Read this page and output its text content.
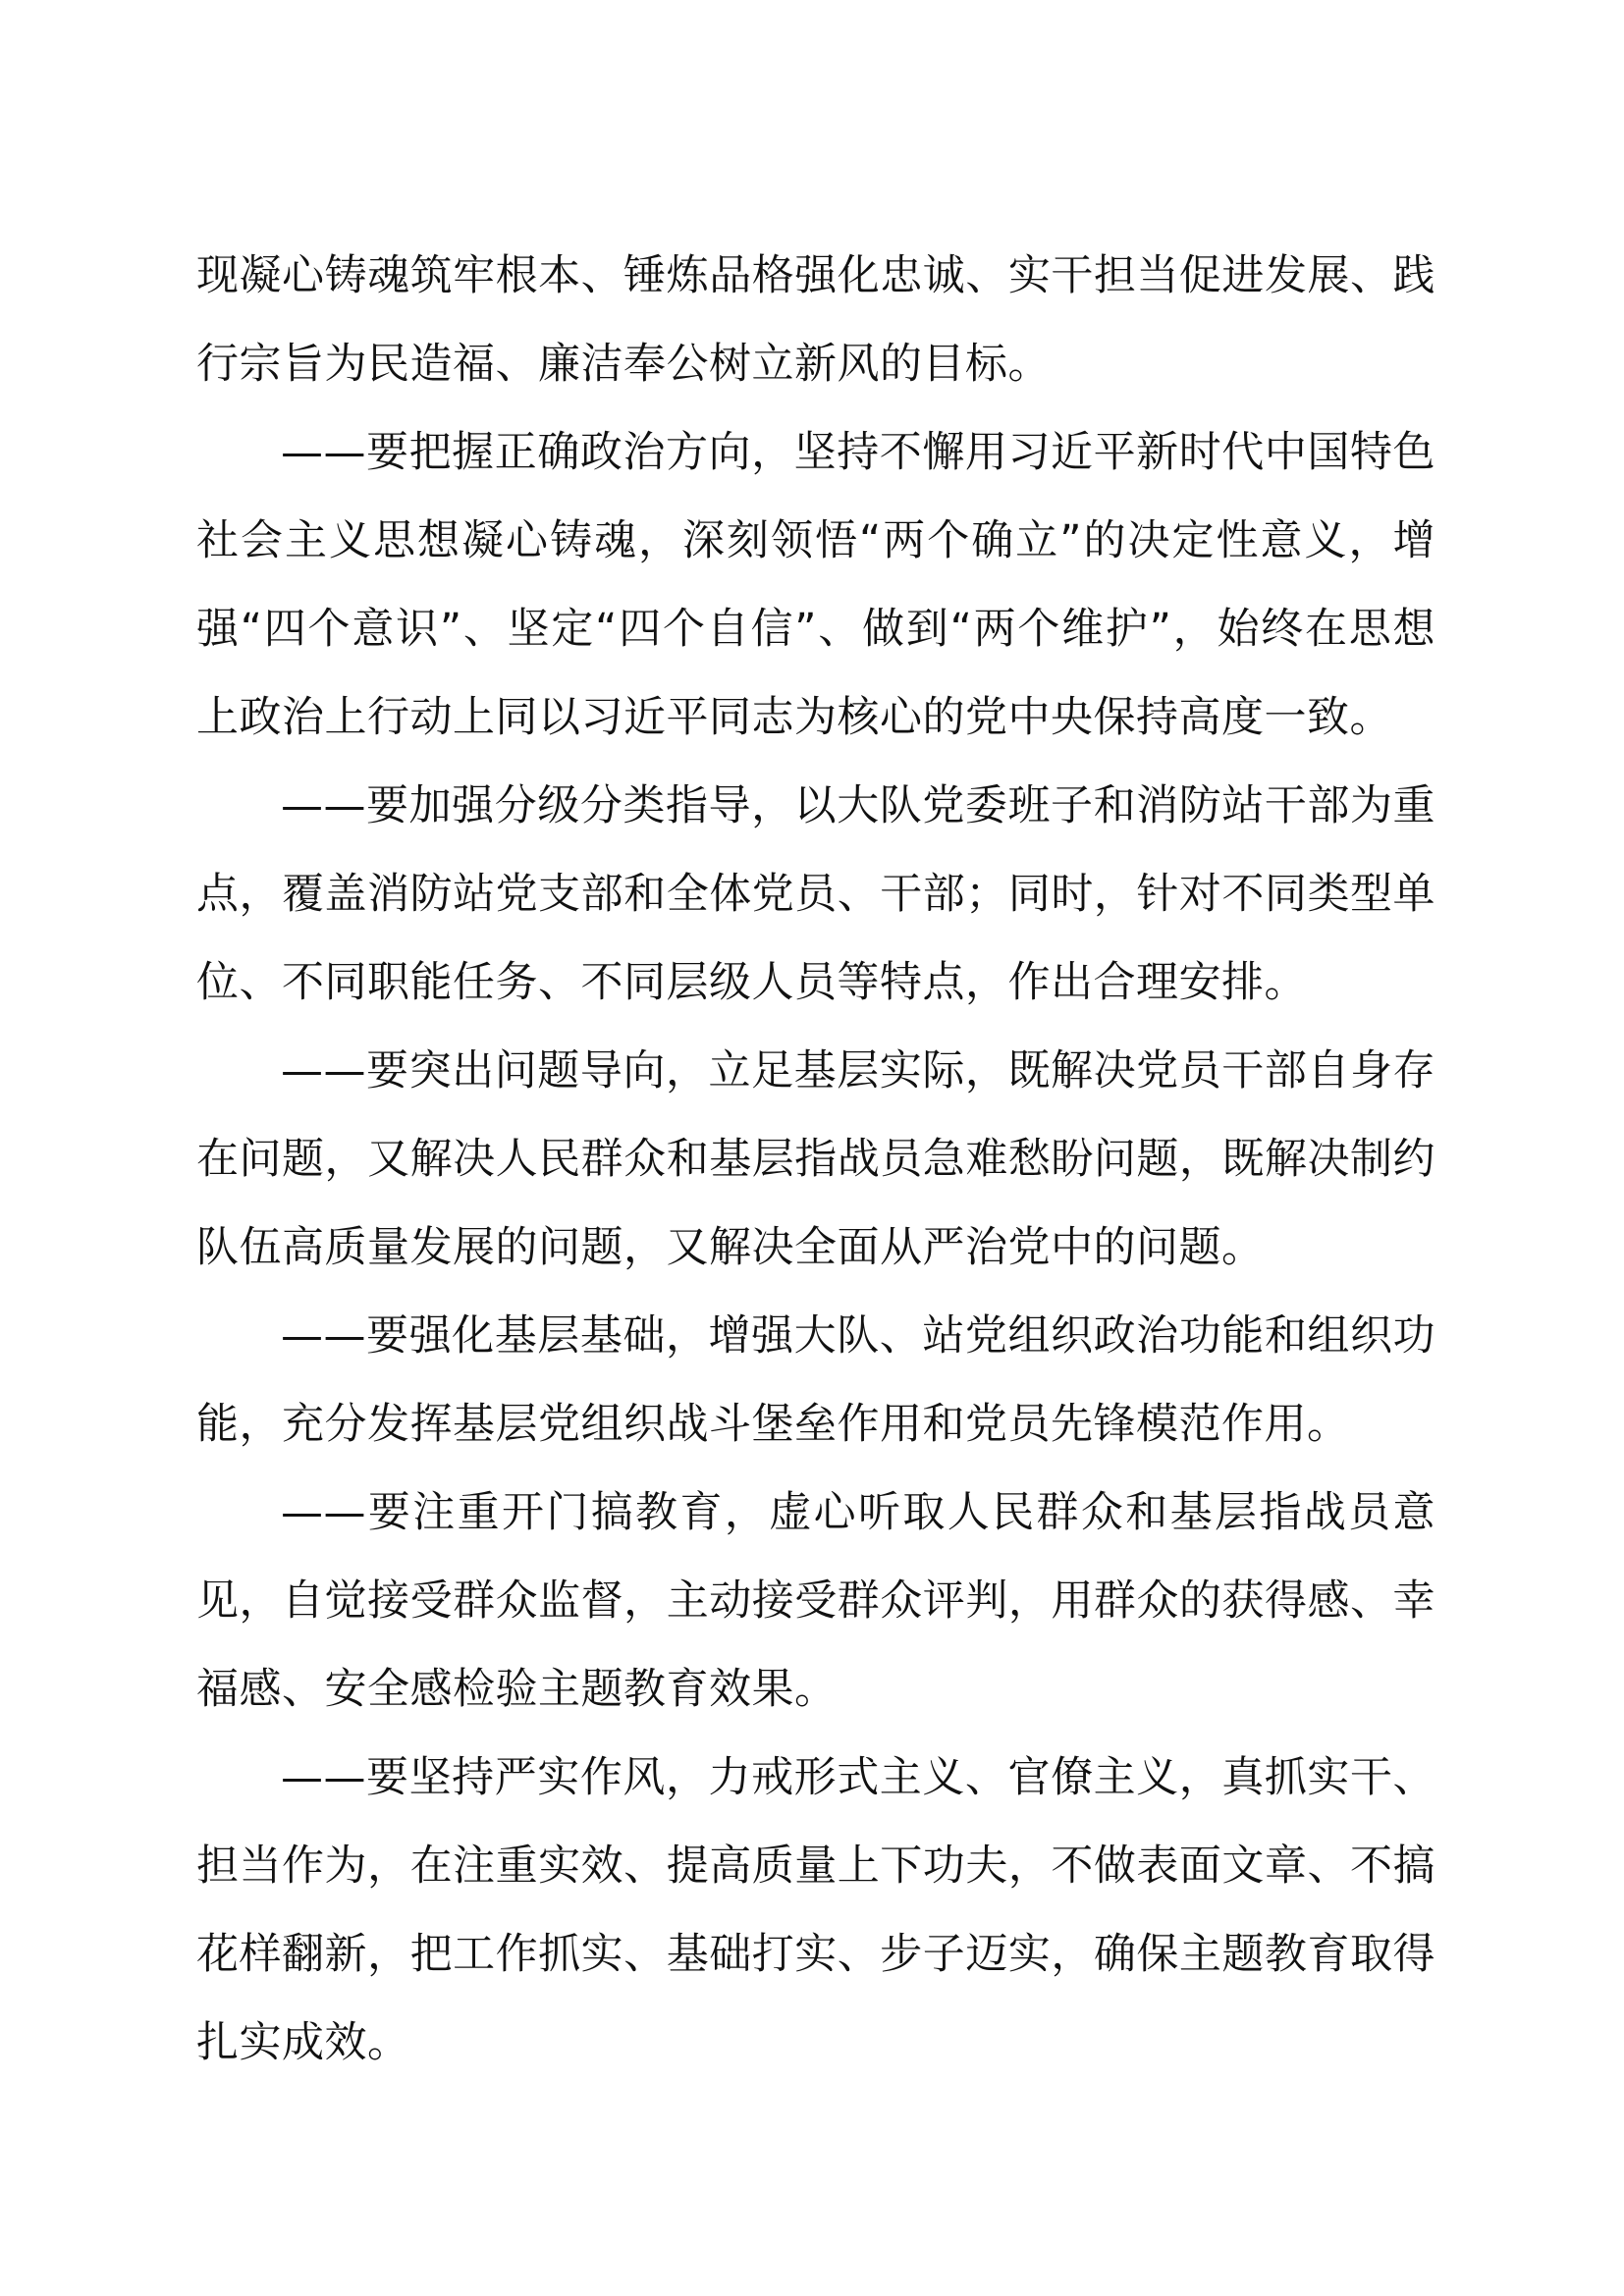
现凝心铸魂筑牢根本、锤炼品格强化忠诚、实干担当促进发展、践行宗旨为民造福、廉洁奉公树立新风的目标。

——要把握正确政治方向，坚持不懈用习近平新时代中国特色社会主义思想凝心铸魂，深刻领悟“两个确立”的决定性意义，增强“四个意识”、坚定“四个自信”、做到“两个维护”，始终在思想上政治上行动上同以习近平同志为核心的党中央保持高度一致。

——要加强分级分类指导，以大队党委班子和消防站干部为重点，覆盖消防站党支部和全体党员、干部；同时，针对不同类型单位、不同职能任务、不同层级人员等特点，作出合理安排。

——要突出问题导向，立足基层实际，既解决党员干部自身存在问题，又解决人民群众和基层指战员急难愁盼问题，既解决制约队伍高质量发展的问题，又解决全面从严治党中的问题。

——要强化基层基础，增强大队、站党组织政治功能和组织功能，充分发挥基层党组织战斗堡垒作用和党员先锋模范作用。

——要注重开门搞教育，虚心听取人民群众和基层指战员意见，自觉接受群众监督，主动接受群众评判，用群众的获得感、幸福感、安全感检验主题教育效果。

——要坚持严实作风，力戒形式主义、官僚主义，真抓实干、担当作为，在注重实效、提高质量上下功夫，不做表面文章、不搞花样翻新，把工作抓实、基础打实、步子迈实，确保主题教育取得扎实成效。
